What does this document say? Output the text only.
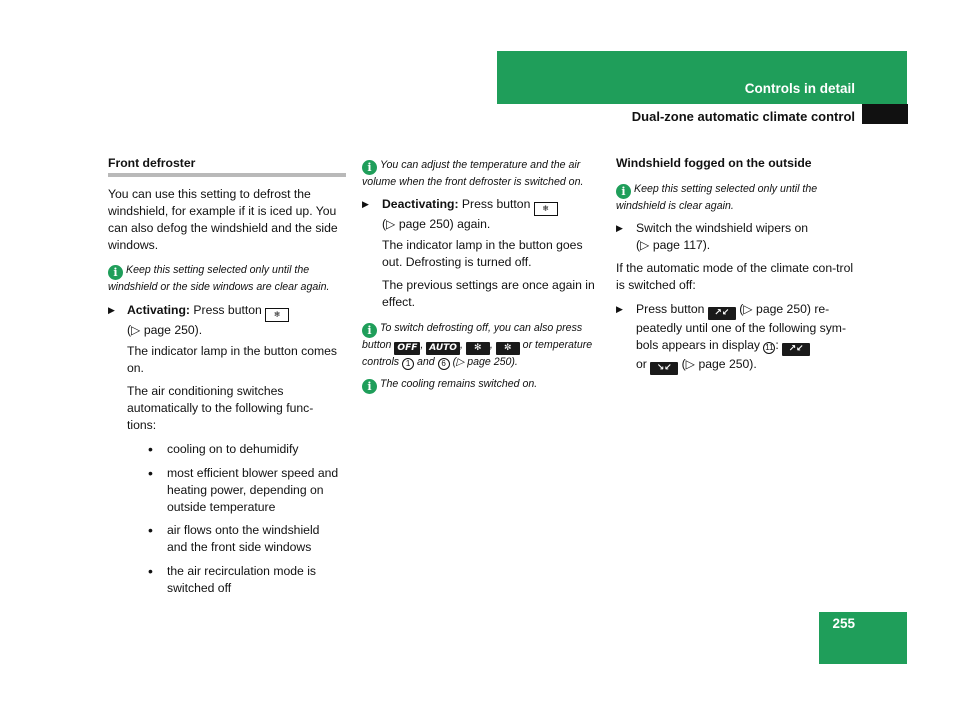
Controls in detail
Dual-zone automatic climate control
Front defroster
You can use this setting to defrost the windshield, for example if it is iced up. You can also defog the windshield and the side windows.
i Keep this setting selected only until the windshield or the side windows are clear again.
▶ Activating: Press button ❄
(▷ page 250).
The indicator lamp in the button comes on.
The air conditioning switches automatically to the following func-tions:
• cooling on to dehumidify
• most efficient blower speed and heating power, depending on outside temperature
• air flows onto the windshield and the front side windows
• the air recirculation mode is switched off
i You can adjust the temperature and the air volume when the front defroster is switched on.
▶ Deactivating: Press button ❄
(▷ page 250) again.
The indicator lamp in the button goes out. Defrosting is turned off.
The previous settings are once again in effect.
i To switch defrosting off, you can also press button OFF , AUTO , ✻ , ✼ or temperature controls 1 and 6 (▷ page 250).
i The cooling remains switched on.
Windshield fogged on the outside
i Keep this setting selected only until the windshield is clear again.
▶ Switch the windshield wipers on
(▷ page 117).
If the automatic mode of the climate con-trol is switched off:
▶ Press button ↗↙ (▷ page 250) re-peatedly until one of the following sym-bols appears in display 11 : ↗↙
or ↘↙ (▷ page 250).
255
